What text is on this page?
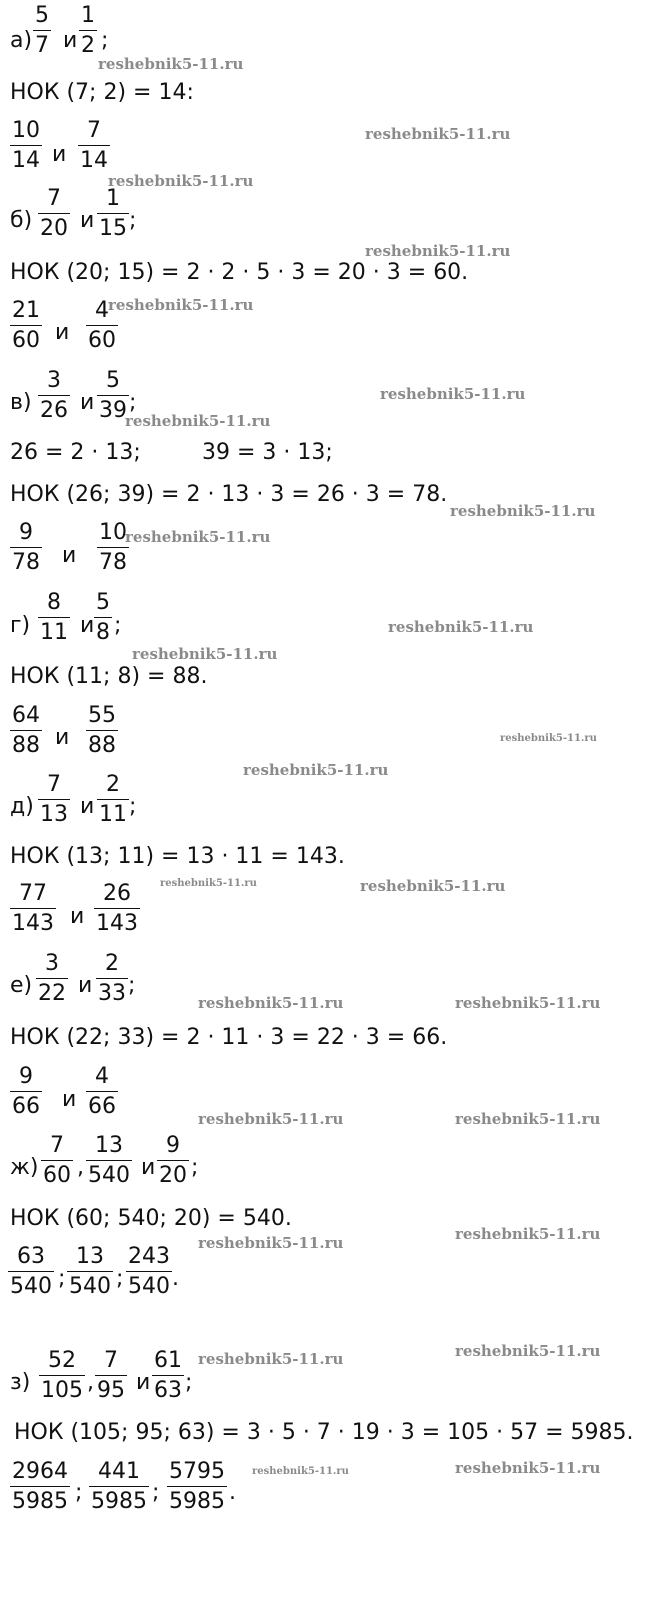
а)
5
7 и
1
2 ;
НОК (7; 2) = 14:
10
14 и
7
14
б)
7
20 и
1
15 ;
НОК (20; 15) = 2 · 2 · 5 · 3 = 20 · 3 = 60.
21
60 и
4
60
в)
3
26 и
5
39 ;
26 = 2 · 13;	39 = 3 · 13;
НОК (26; 39) = 2 · 13 · 3 = 26 · 3 = 78.
9
78 и
10
78
г)
8
11 и
5
8 ;
НОК (11; 8) = 88.
64
88 и
55
88
д)
7
13 и
2
11 ;
НОК (13; 11) = 13 · 11 = 143.
77
143 и
26
143
е)
3
22 и
2
33 ;
НОК (22; 33) = 2 · 11 · 3 = 22 · 3 = 66.
9
66 и
4
66
ж)
7
60 ,
13
540 и
9
20 ;
НОК (60; 540; 20) = 540.
63
540 ;
13
540 ;
243
540 .
з)
52
105 ,
7
95 и
61
63 ;
НОК (105; 95; 63) = 3 · 5 · 7 · 19 · 3 = 105 · 57 = 5985.
2964
5985 ;
441
5985 ;
5795
5985 .
reshebnik5-11.ru
reshebnik5-11.ru
reshebnik5-11.ru
reshebnik5-11.ru
reshebnik5-11.ru
reshebnik5-11.ru
reshebnik5-11.ru
reshebnik5-11.ru
reshebnik5-11.ru
reshebnik5-11.ru
reshebnik5-11.ru
reshebnik5-11.ru
reshebnik5-11.ru
reshebnik5-11.ru	reshebnik5-11.ru
reshebnik5-11.ru	reshebnik5-11.ru
reshebnik5-11.ru	reshebnik5-11.ru
reshebnik5-11.ru	reshebnik5-11.ru
reshebnik5-11.ru	reshebnik5-11.ru
reshebnik5-11.ru	reshebnik5-11.ru
